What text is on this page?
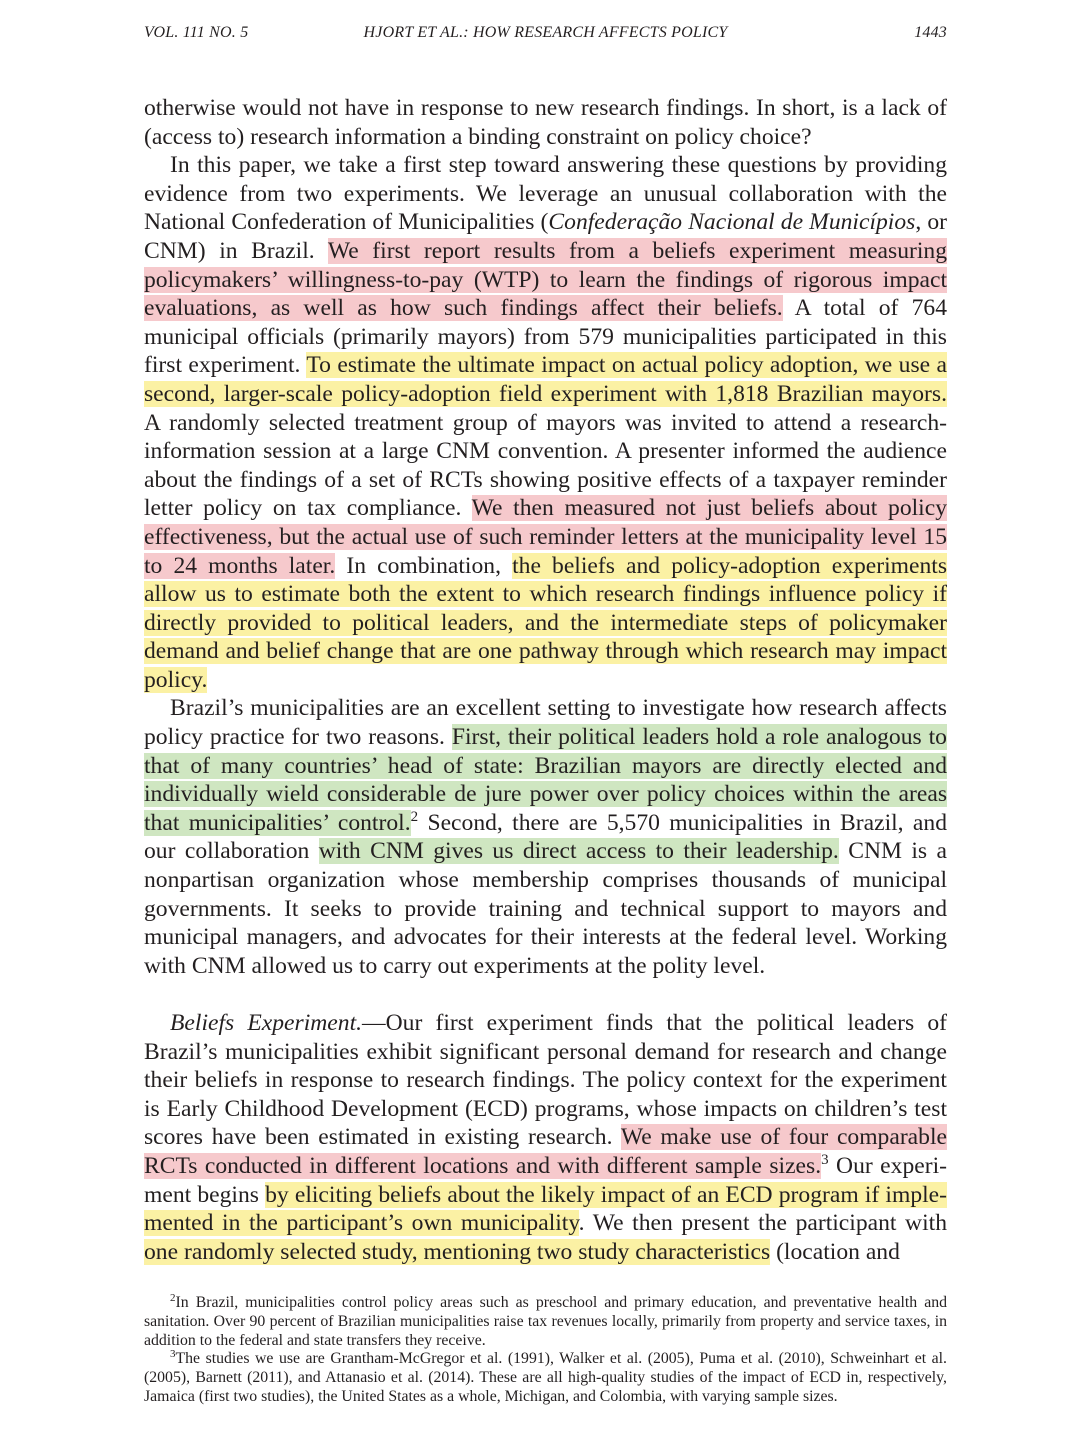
VOL. 111 NO. 5	HJORT ET AL.: HOW RESEARCH AFFECTS POLICY	1443

otherwise would not have in response to new research findings. In short, is a lack of (access to) research information a binding constraint on policy choice?

In this paper, we take a first step toward answering these questions by providing evidence from two experiments. We leverage an unusual collaboration with the National Confederation of Municipalities (Confederação Nacional de Municípios, or CNM) in Brazil. We first report results from a beliefs experiment measuring policymakers’ willingness-to-pay (WTP) to learn the findings of rigorous impact evaluations, as well as how such findings affect their beliefs. A total of 764 municipal officials (primarily mayors) from 579 municipalities participated in this first experiment. To estimate the ultimate impact on actual policy adoption, we use a second, larger-scale policy-adoption field experiment with 1,818 Brazilian mayors. A randomly selected treatment group of mayors was invited to attend a research-information session at a large CNM convention. A presenter informed the audience about the findings of a set of RCTs showing positive effects of a taxpayer reminder letter policy on tax compliance. We then measured not just beliefs about policy effectiveness, but the actual use of such reminder letters at the municipality level 15 to 24 months later. In combination, the beliefs and policy-adoption experiments allow us to estimate both the extent to which research findings influence policy if directly provided to political leaders, and the intermediate steps of policymaker demand and belief change that are one pathway through which research may impact policy.

Brazil’s municipalities are an excellent setting to investigate how research affects policy practice for two reasons. First, their political leaders hold a role analogous to that of many countries’ head of state: Brazilian mayors are directly elected and individually wield considerable de jure power over policy choices within the areas that municipalities’ control.$^2$ Second, there are 5,570 municipalities in Brazil, and our collaboration with CNM gives us direct access to their leadership. CNM is a nonpartisan organization whose membership comprises thousands of municipal governments. It seeks to provide training and technical support to mayors and municipal managers, and advocates for their interests at the federal level. Working with CNM allowed us to carry out experiments at the polity level.

Beliefs Experiment.—Our first experiment finds that the political leaders of Brazil’s municipalities exhibit significant personal demand for research and change their beliefs in response to research findings. The policy context for the experiment is Early Childhood Development (ECD) programs, whose impacts on children’s test scores have been estimated in existing research. We make use of four comparable RCTs conducted in different locations and with different sample sizes.$^3$ Our experiment begins by eliciting beliefs about the likely impact of an ECD program if implemented in the participant’s own municipality. We then present the participant with one randomly selected study, mentioning two study characteristics (location and

$^2$In Brazil, municipalities control policy areas such as preschool and primary education, and preventative health and sanitation. Over 90 percent of Brazilian municipalities raise tax revenues locally, primarily from property and service taxes, in addition to the federal and state transfers they receive.

$^3$The studies we use are Grantham-McGregor et al. (1991), Walker et al. (2005), Puma et al. (2010), Schweinhart et al. (2005), Barnett (2011), and Attanasio et al. (2014). These are all high-quality studies of the impact of ECD in, respectively, Jamaica (first two studies), the United States as a whole, Michigan, and Colombia, with varying sample sizes.
